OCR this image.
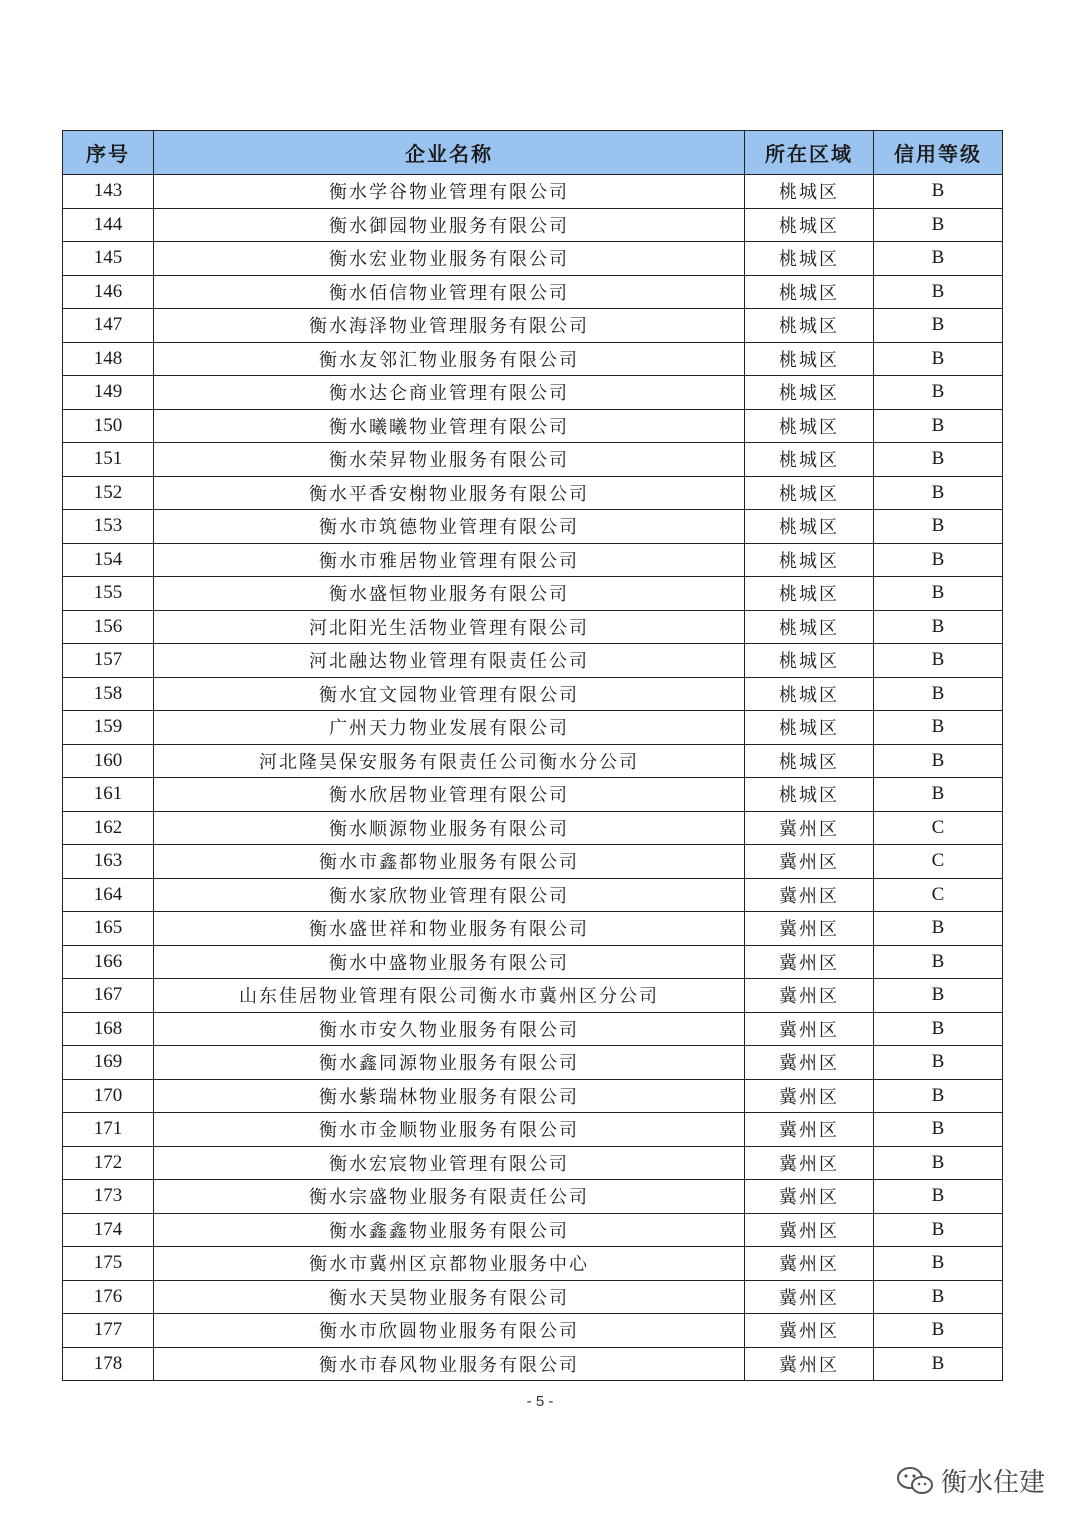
序号	企业名称	所在区域	信用等级
143	衡水学谷物业管理有限公司	桃城区	B
144	衡水御园物业服务有限公司	桃城区	B
145	衡水宏业物业服务有限公司	桃城区	B
146	衡水佰信物业管理有限公司	桃城区	B
147	衡水海泽物业管理服务有限公司	桃城区	B
148	衡水友邻汇物业服务有限公司	桃城区	B
149	衡水达仑商业管理有限公司	桃城区	B
150	衡水曦曦物业管理有限公司	桃城区	B
151	衡水荣昇物业服务有限公司	桃城区	B
152	衡水平香安榭物业服务有限公司	桃城区	B
153	衡水市筑德物业管理有限公司	桃城区	B
154	衡水市雅居物业管理有限公司	桃城区	B
155	衡水盛恒物业服务有限公司	桃城区	B
156	河北阳光生活物业管理有限公司	桃城区	B
157	河北融达物业管理有限责任公司	桃城区	B
158	衡水宜文园物业管理有限公司	桃城区	B
159	广州天力物业发展有限公司	桃城区	B
160	河北隆昊保安服务有限责任公司衡水分公司	桃城区	B
161	衡水欣居物业管理有限公司	桃城区	B
162	衡水顺源物业服务有限公司	冀州区	C
163	衡水市鑫都物业服务有限公司	冀州区	C
164	衡水家欣物业管理有限公司	冀州区	C
165	衡水盛世祥和物业服务有限公司	冀州区	B
166	衡水中盛物业服务有限公司	冀州区	B
167	山东佳居物业管理有限公司衡水市冀州区分公司	冀州区	B
168	衡水市安久物业服务有限公司	冀州区	B
169	衡水鑫同源物业服务有限公司	冀州区	B
170	衡水紫瑞林物业服务有限公司	冀州区	B
171	衡水市金顺物业服务有限公司	冀州区	B
172	衡水宏宸物业管理有限公司	冀州区	B
173	衡水宗盛物业服务有限责任公司	冀州区	B
174	衡水鑫鑫物业服务有限公司	冀州区	B
175	衡水市冀州区京都物业服务中心	冀州区	B
176	衡水天昊物业服务有限公司	冀州区	B
177	衡水市欣圆物业服务有限公司	冀州区	B
178	衡水市春风物业服务有限公司	冀州区	B
- 5 -
衡水住建
